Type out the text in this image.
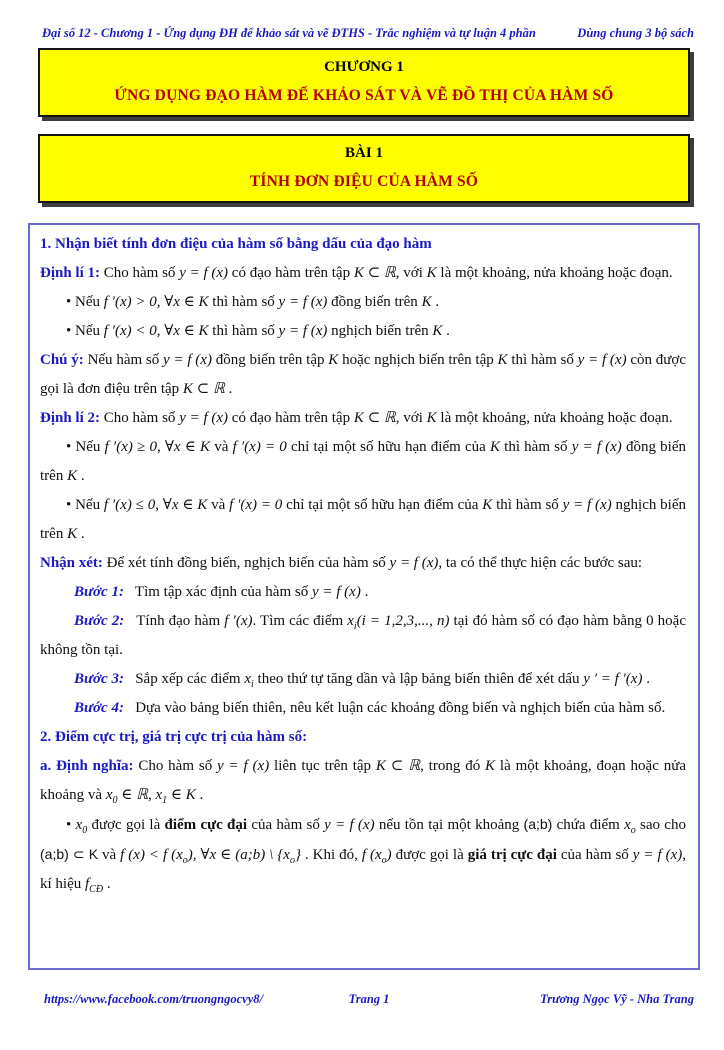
Đại số 12 - Chương 1 - Ứng dụng ĐH để khảo sát và vẽ ĐTHS - Trắc nghiệm và tự luận 4 phần	Dùng chung 3 bộ sách
CHƯƠNG 1
ỨNG DỤNG ĐẠO HÀM ĐỂ KHẢO SÁT VÀ VẼ ĐỒ THỊ CỦA HÀM SỐ
BÀI 1
TÍNH ĐƠN ĐIỆU CỦA HÀM SỐ

1. Nhận biết tính đơn điệu của hàm số bằng dấu của đạo hàm

Định lí 1: Cho hàm số y = f (x) có đạo hàm trên tập K ⊂ ℝ, với K là một khoảng, nửa khoảng hoặc đoạn.

• Nếu f ′(x) > 0, ∀x ∈ K thì hàm số y = f (x) đồng biến trên K .

• Nếu f ′(x) < 0, ∀x ∈ K thì hàm số y = f (x) nghịch biến trên K .

Chú ý: Nếu hàm số y = f (x) đồng biến trên tập K hoặc nghịch biến trên tập K thì hàm số y = f (x) còn được gọi là đơn điệu trên tập K ⊂ ℝ .

Định lí 2: Cho hàm số y = f (x) có đạo hàm trên tập K ⊂ ℝ, với K là một khoảng, nửa khoảng hoặc đoạn.

• Nếu f ′(x) ≥ 0, ∀x ∈ K và f ′(x) = 0 chỉ tại một số hữu hạn điểm của K thì hàm số y = f (x) đồng biến trên K .

• Nếu f ′(x) ≤ 0, ∀x ∈ K và f ′(x) = 0 chỉ tại một số hữu hạn điểm của K thì hàm số y = f (x) nghịch biến trên K .

Nhận xét: Để xét tính đồng biến, nghịch biến của hàm số y = f (x), ta có thể thực hiện các bước sau:

Bước 1:   Tìm tập xác định của hàm số y = f (x) .

Bước 2:   Tính đạo hàm f ′(x). Tìm các điểm $x_i(i = 1,2,3$,..., n) tại đó hàm số có đạo hàm bằng 0 hoặc không tồn tại.

Bước 3:   Sắp xếp các điểm $x_i$ theo thứ tự tăng dần và lập bảng biến thiên để xét dấu y ′ = f ′(x) .

Bước 4:   Dựa vào bảng biến thiên, nêu kết luận các khoảng đồng biến và nghịch biến của hàm số.

2. Điểm cực trị, giá trị cực trị của hàm số:

a. Định nghĩa: Cho hàm số y = f (x) liên tục trên tập K ⊂ ℝ, trong đó K là một khoảng, đoạn hoặc nửa khoảng và $x_0$ ∈ ℝ, $x_1$ ∈ K .

• $x_0$ được gọi là điểm cực đại của hàm số y = f (x) nếu tồn tại một khoảng (a;b) chứa điểm $x_o$ sao cho (a;b) ⊂ K và f (x) < f $(x_o)$, ∀x ∈ (a;b) \ $\{x_o\}$ . Khi đó, f $(x_o)$ được gọi là giá trị cực đại của hàm số y = f (x), kí hiệu $f_{CĐ}$ .

https://www.facebook.com/truongngocvy8/	Trang 1	Trương Ngọc Vỹ - Nha Trang
